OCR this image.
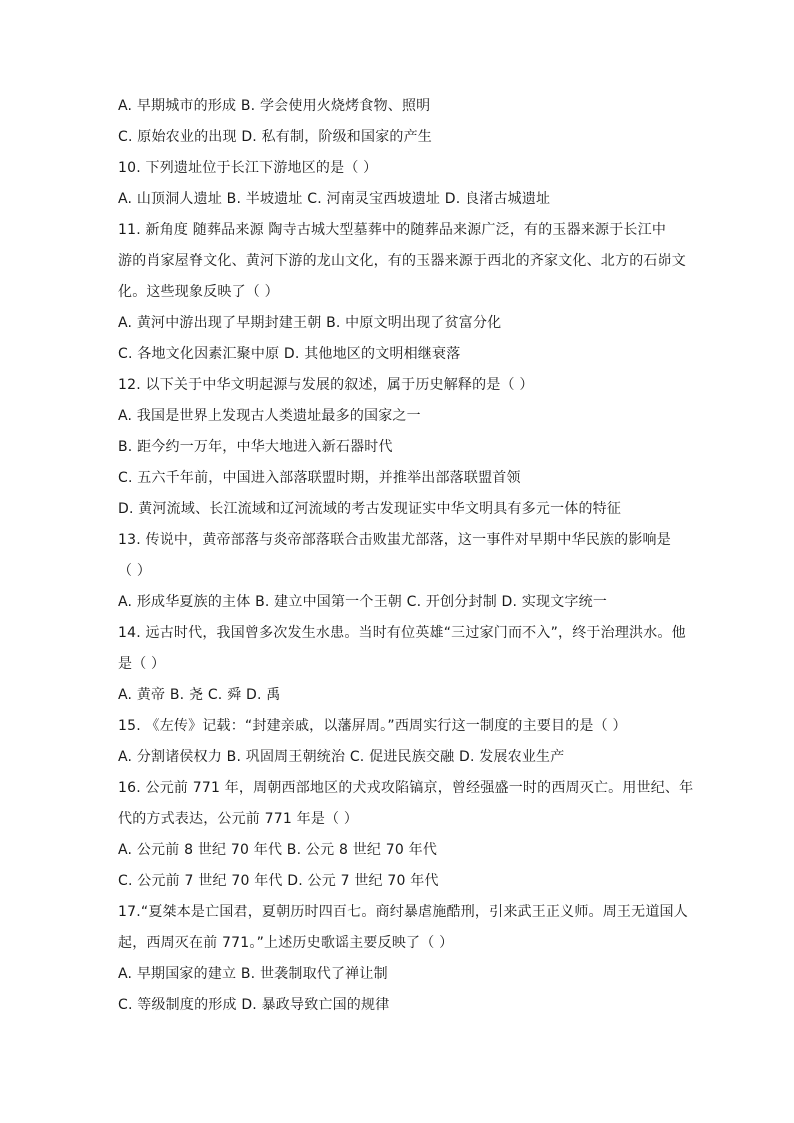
A. 早期城市的形成 B. 学会使用火烧烤食物、照明
C. 原始农业的出现 D. 私有制，阶级和国家的产生
10. 下列遗址位于长江下游地区的是（ ）
A. 山顶洞人遗址 B. 半坡遗址 C. 河南灵宝西坡遗址 D. 良渚古城遗址
11. 新角度 随葬品来源 陶寺古城大型墓葬中的随葬品来源广泛，有的玉器来源于长江中
游的肖家屋脊文化、黄河下游的龙山文化，有的玉器来源于西北的齐家文化、北方的石峁文
化。这些现象反映了（ ）
A. 黄河中游出现了早期封建王朝 B. 中原文明出现了贫富分化
C. 各地文化因素汇聚中原 D. 其他地区的文明相继衰落
12. 以下关于中华文明起源与发展的叙述，属于历史解释的是（ ）
A. 我国是世界上发现古人类遗址最多的国家之一
B. 距今约一万年，中华大地进入新石器时代
C. 五六千年前，中国进入部落联盟时期，并推举出部落联盟首领
D. 黄河流域、长江流域和辽河流域的考古发现证实中华文明具有多元一体的特征
13. 传说中，黄帝部落与炎帝部落联合击败蚩尤部落，这一事件对早期中华民族的影响是
（ ）
A. 形成华夏族的主体 B. 建立中国第一个王朝 C. 开创分封制 D. 实现文字统一
14. 远古时代，我国曾多次发生水患。当时有位英雄“三过家门而不入”，终于治理洪水。他
是（ ）
A. 黄帝 B. 尧 C. 舜 D. 禹
15. 《左传》记载：“封建亲戚，以藩屏周。”西周实行这一制度的主要目的是（ ）
A. 分割诸侯权力 B. 巩固周王朝统治 C. 促进民族交融 D. 发展农业生产
16. 公元前 771 年，周朝西部地区的犬戎攻陷镐京，曾经强盛一时的西周灭亡。用世纪、年
代的方式表达，公元前 771 年是（ ）
A. 公元前 8 世纪 70 年代 B. 公元 8 世纪 70 年代
C. 公元前 7 世纪 70 年代 D. 公元 7 世纪 70 年代
17.“夏桀本是亡国君，夏朝历时四百七。商纣暴虐施酷刑，引来武王正义师。周王无道国人
起，西周灭在前 771。”上述历史歌谣主要反映了（ ）
A. 早期国家的建立 B. 世袭制取代了禅让制
C. 等级制度的形成 D. 暴政导致亡国的规律
